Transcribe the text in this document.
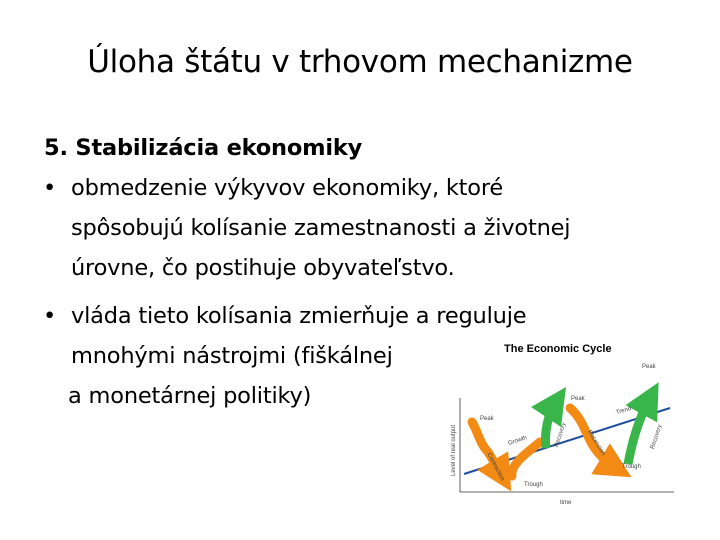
Úloha štátu v trhovom mechanizme
5. Stabilizácia ekonomiky
• obmedzenie výkyvov ekonomiky, ktoré
spôsobujú kolísanie zamestnanosti a životnej
úrovne, čo postihuje obyvateľstvo.
• vláda tieto kolísania zmierňuje a reguluje
mnohými nástrojmi (fiškálnej
a monetárnej politiky)
The Economic Cycle
Level of real output
time
Peak
Peak
Peak
Growth
Trend
Contraction
Trough
Recovery	Recession
Trough
Recovery
